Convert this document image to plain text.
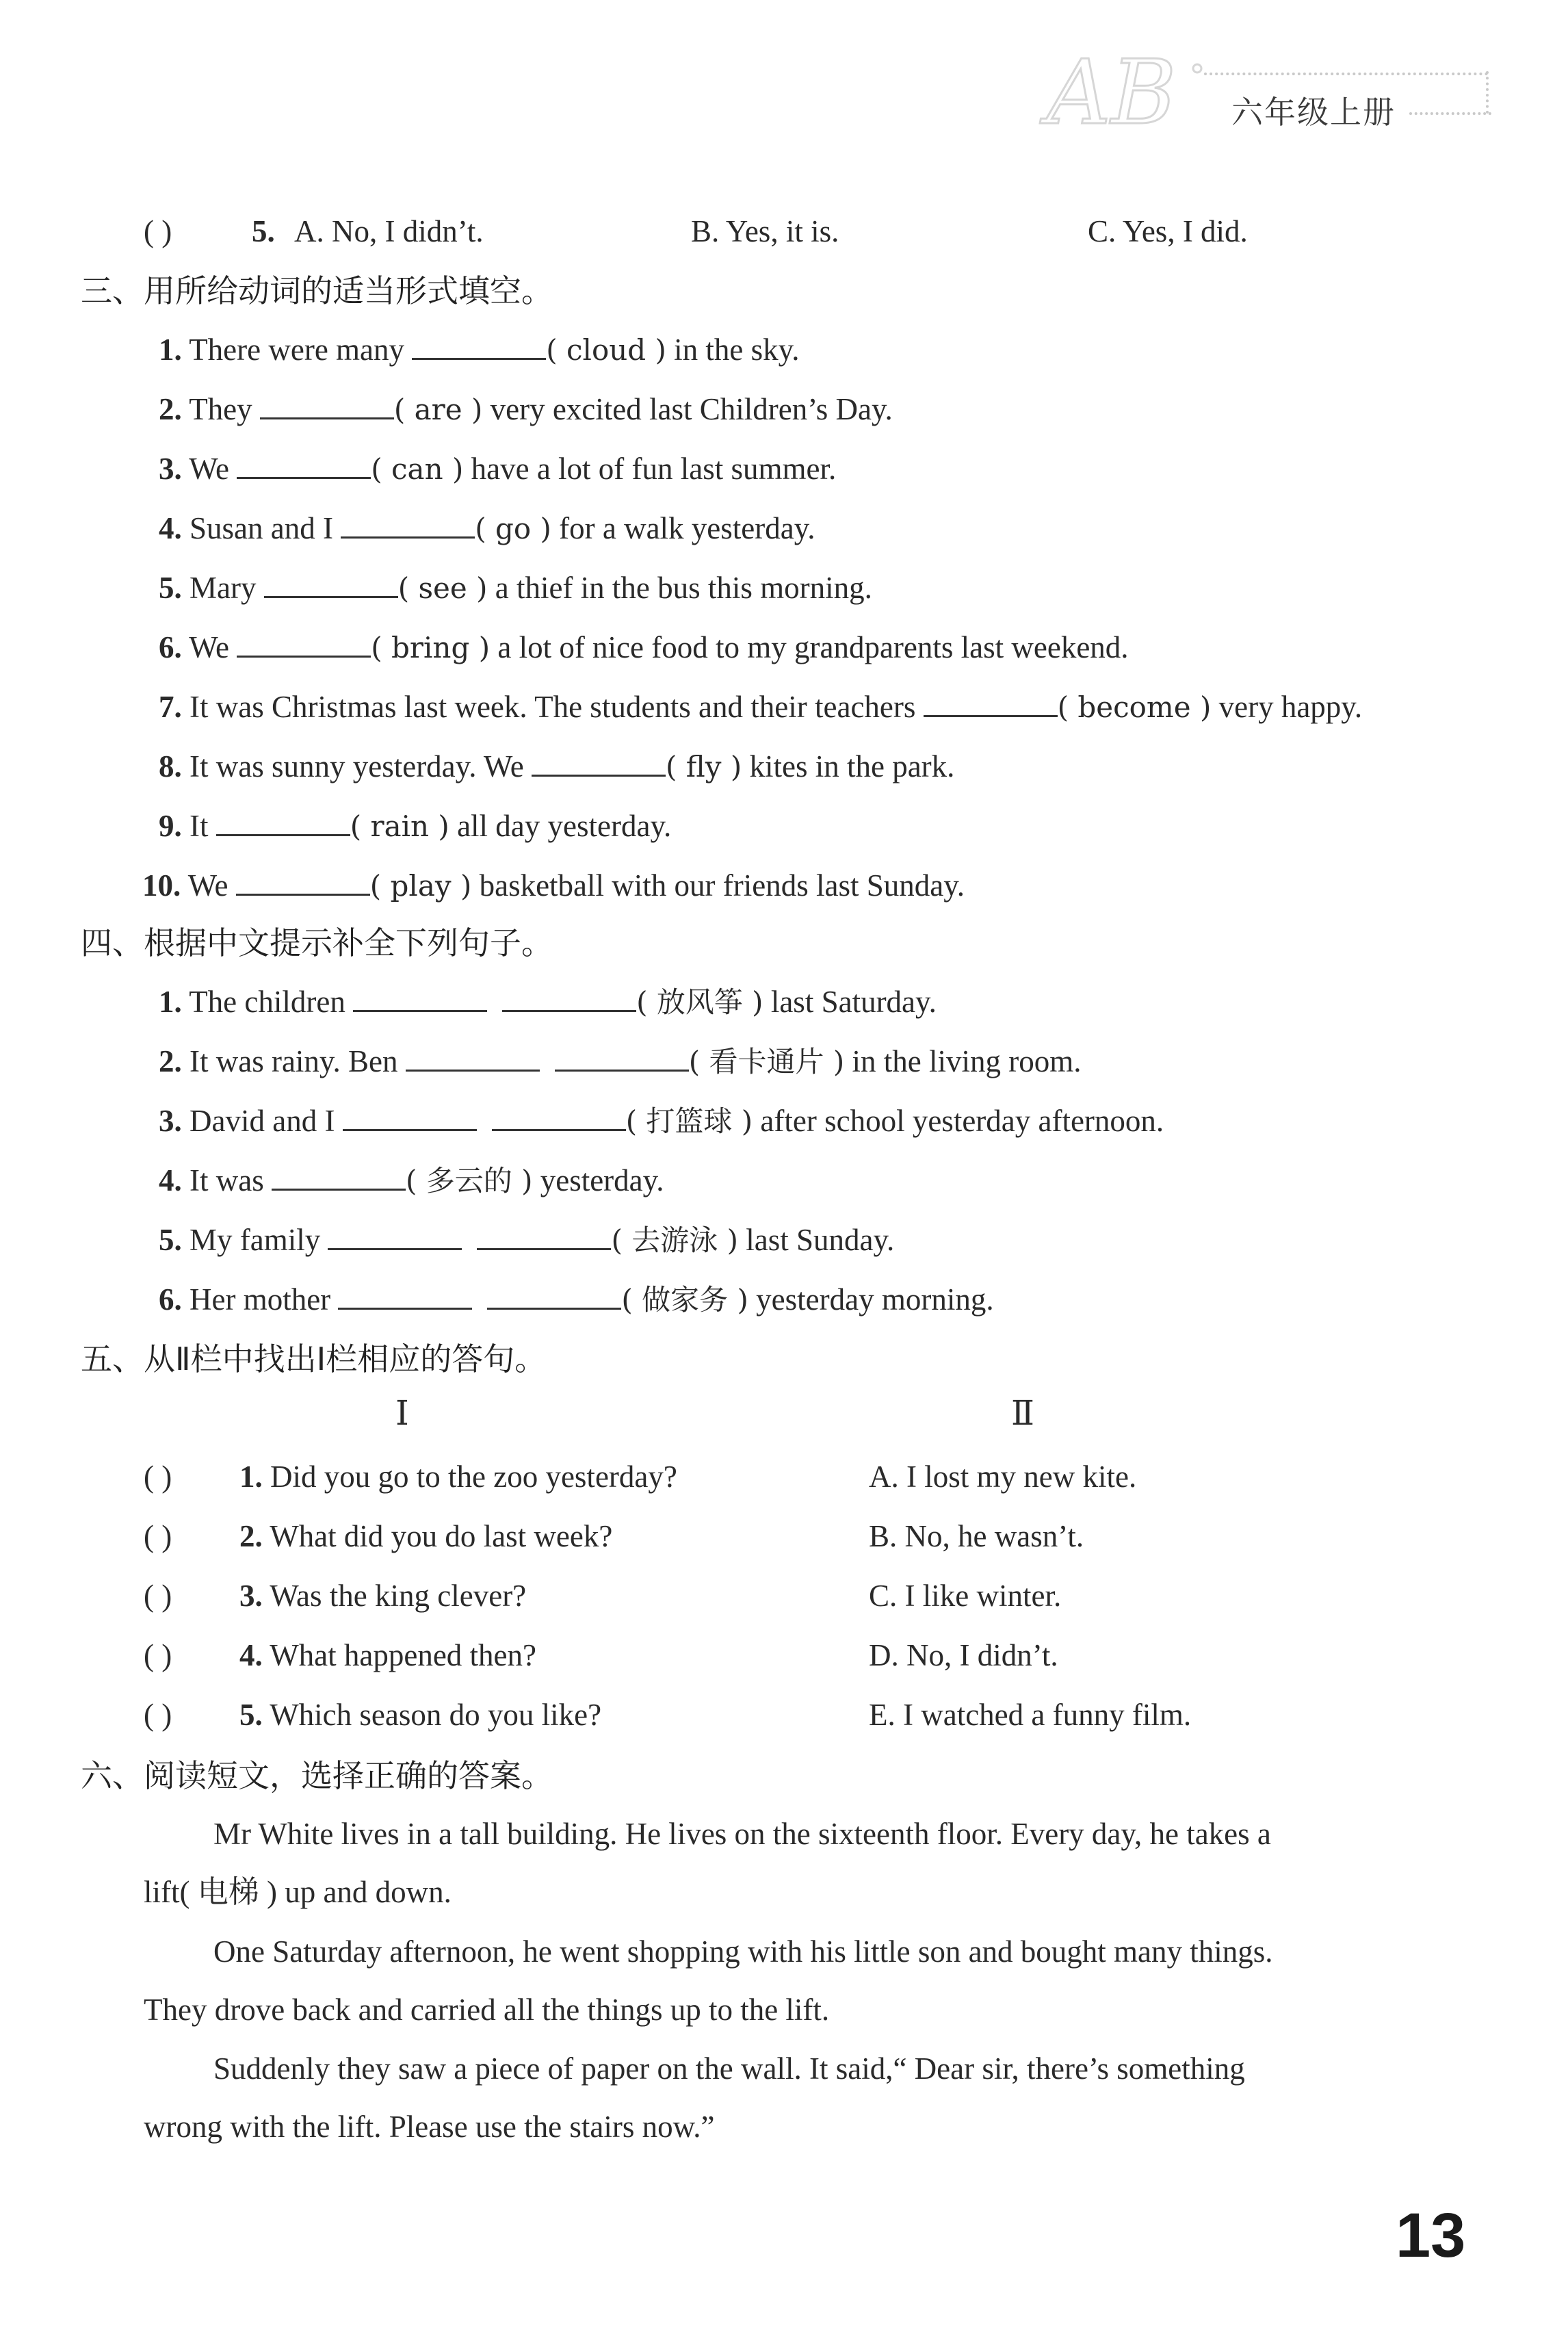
AB 六年级上册
( )	5. A. No, I didn’t.	B. Yes, it is.	C. Yes, I did.
三、用所给动词的适当形式填空。
1. There were many	( cloud ) in the sky.
2. They	( are ) very excited last Children’s Day.
3. We	( can ) have a lot of fun last summer.
4. Susan and I	( go ) for a walk yesterday.
5. Mary	( see ) a thief in the bus this morning.
6. We	( bring ) a lot of nice food to my grandparents last weekend.
7. It was Christmas last week. The students and their teachers	( become ) very happy.
8. It was sunny yesterday. We	( fly ) kites in the park.
9. It	( rain ) all day yesterday.
10. We	( play ) basketball with our friends last Sunday.
四、根据中文提示补全下列句子。
1. The children	( 放风筝 ) last Saturday.
2. It was rainy. Ben	( 看卡通片 ) in the living room.
3. David and I	( 打篮球 ) after school yesterday afternoon.
4. It was	( 多云的 ) yesterday.
5. My family	( 去游泳 ) last Sunday.
6. Her mother	( 做家务 ) yesterday morning.
五、从Ⅱ栏中找出Ⅰ栏相应的答句。
Ⅰ	Ⅱ
( ) 1. Did you go to the zoo yesterday?	A. I lost my new kite.
( ) 2. What did you do last week?	B. No, he wasn’t.
( ) 3. Was the king clever?	C. I like winter.
( ) 4. What happened then?	D. No, I didn’t.
( ) 5. Which season do you like?	E. I watched a funny film.
六、阅读短文，选择正确的答案。
Mr White lives in a tall building. He lives on the sixteenth floor. Every day, he takes a
lift( 电梯 ) up and down.
One Saturday afternoon, he went shopping with his little son and bought many things.
They drove back and carried all the things up to the lift.
Suddenly they saw a piece of paper on the wall. It said,“ Dear sir, there’s something
wrong with the lift. Please use the stairs now.”
13
